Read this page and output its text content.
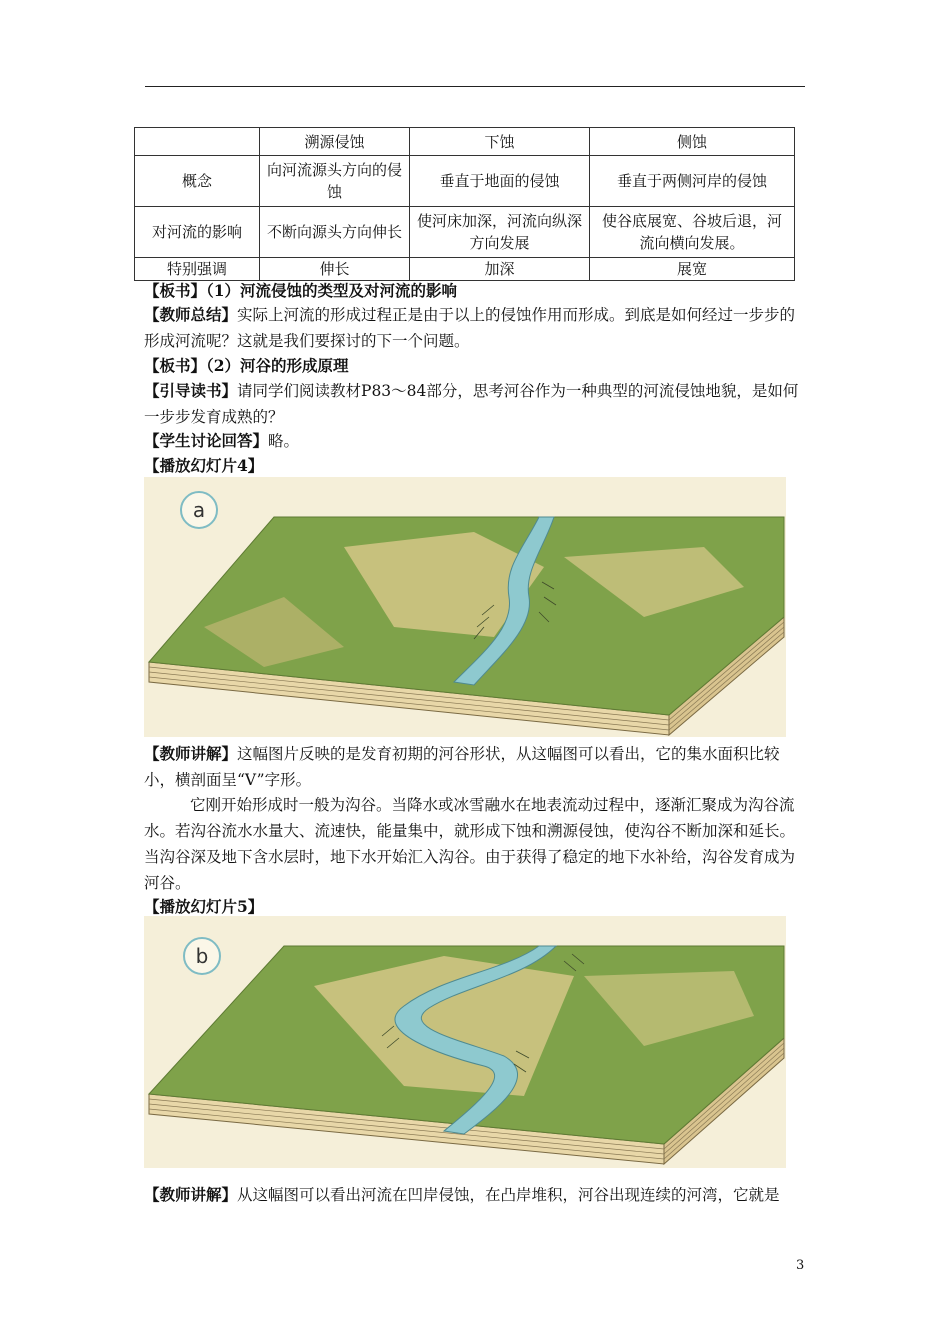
	溯源侵蚀	下蚀	侧蚀
概念	向河流源头方向的侵蚀	垂直于地面的侵蚀	垂直于两侧河岸的侵蚀
对河流的影响	不断向源头方向伸长	使河床加深，河流向纵深方向发展	使谷底展宽、谷坡后退，河流向横向发展。
特别强调	伸长	加深	展宽
【板书】（1）河流侵蚀的类型及对河流的影响
【教师总结】实际上河流的形成过程正是由于以上的侵蚀作用而形成。到底是如何经过一步步的形成河流呢？这就是我们要探讨的下一个问题。
【板书】（2）河谷的形成原理
【引导读书】请同学们阅读教材P83～84部分，思考河谷作为一种典型的河流侵蚀地貌，是如何一步步发育成熟的？
【学生讨论回答】略。
【播放幻灯片4】
a
【教师讲解】这幅图片反映的是发育初期的河谷形状，从这幅图可以看出，它的集水面积比较小，横剖面呈“V”字形。
它刚开始形成时一般为沟谷。当降水或冰雪融水在地表流动过程中，逐渐汇聚成为沟谷流水。若沟谷流水水量大、流速快，能量集中，就形成下蚀和溯源侵蚀，使沟谷不断加深和延长。当沟谷深及地下含水层时，地下水开始汇入沟谷。由于获得了稳定的地下水补给，沟谷发育成为河谷。
【播放幻灯片5】
b
【教师讲解】从这幅图可以看出河流在凹岸侵蚀，在凸岸堆积，河谷出现连续的河湾，它就是
3
